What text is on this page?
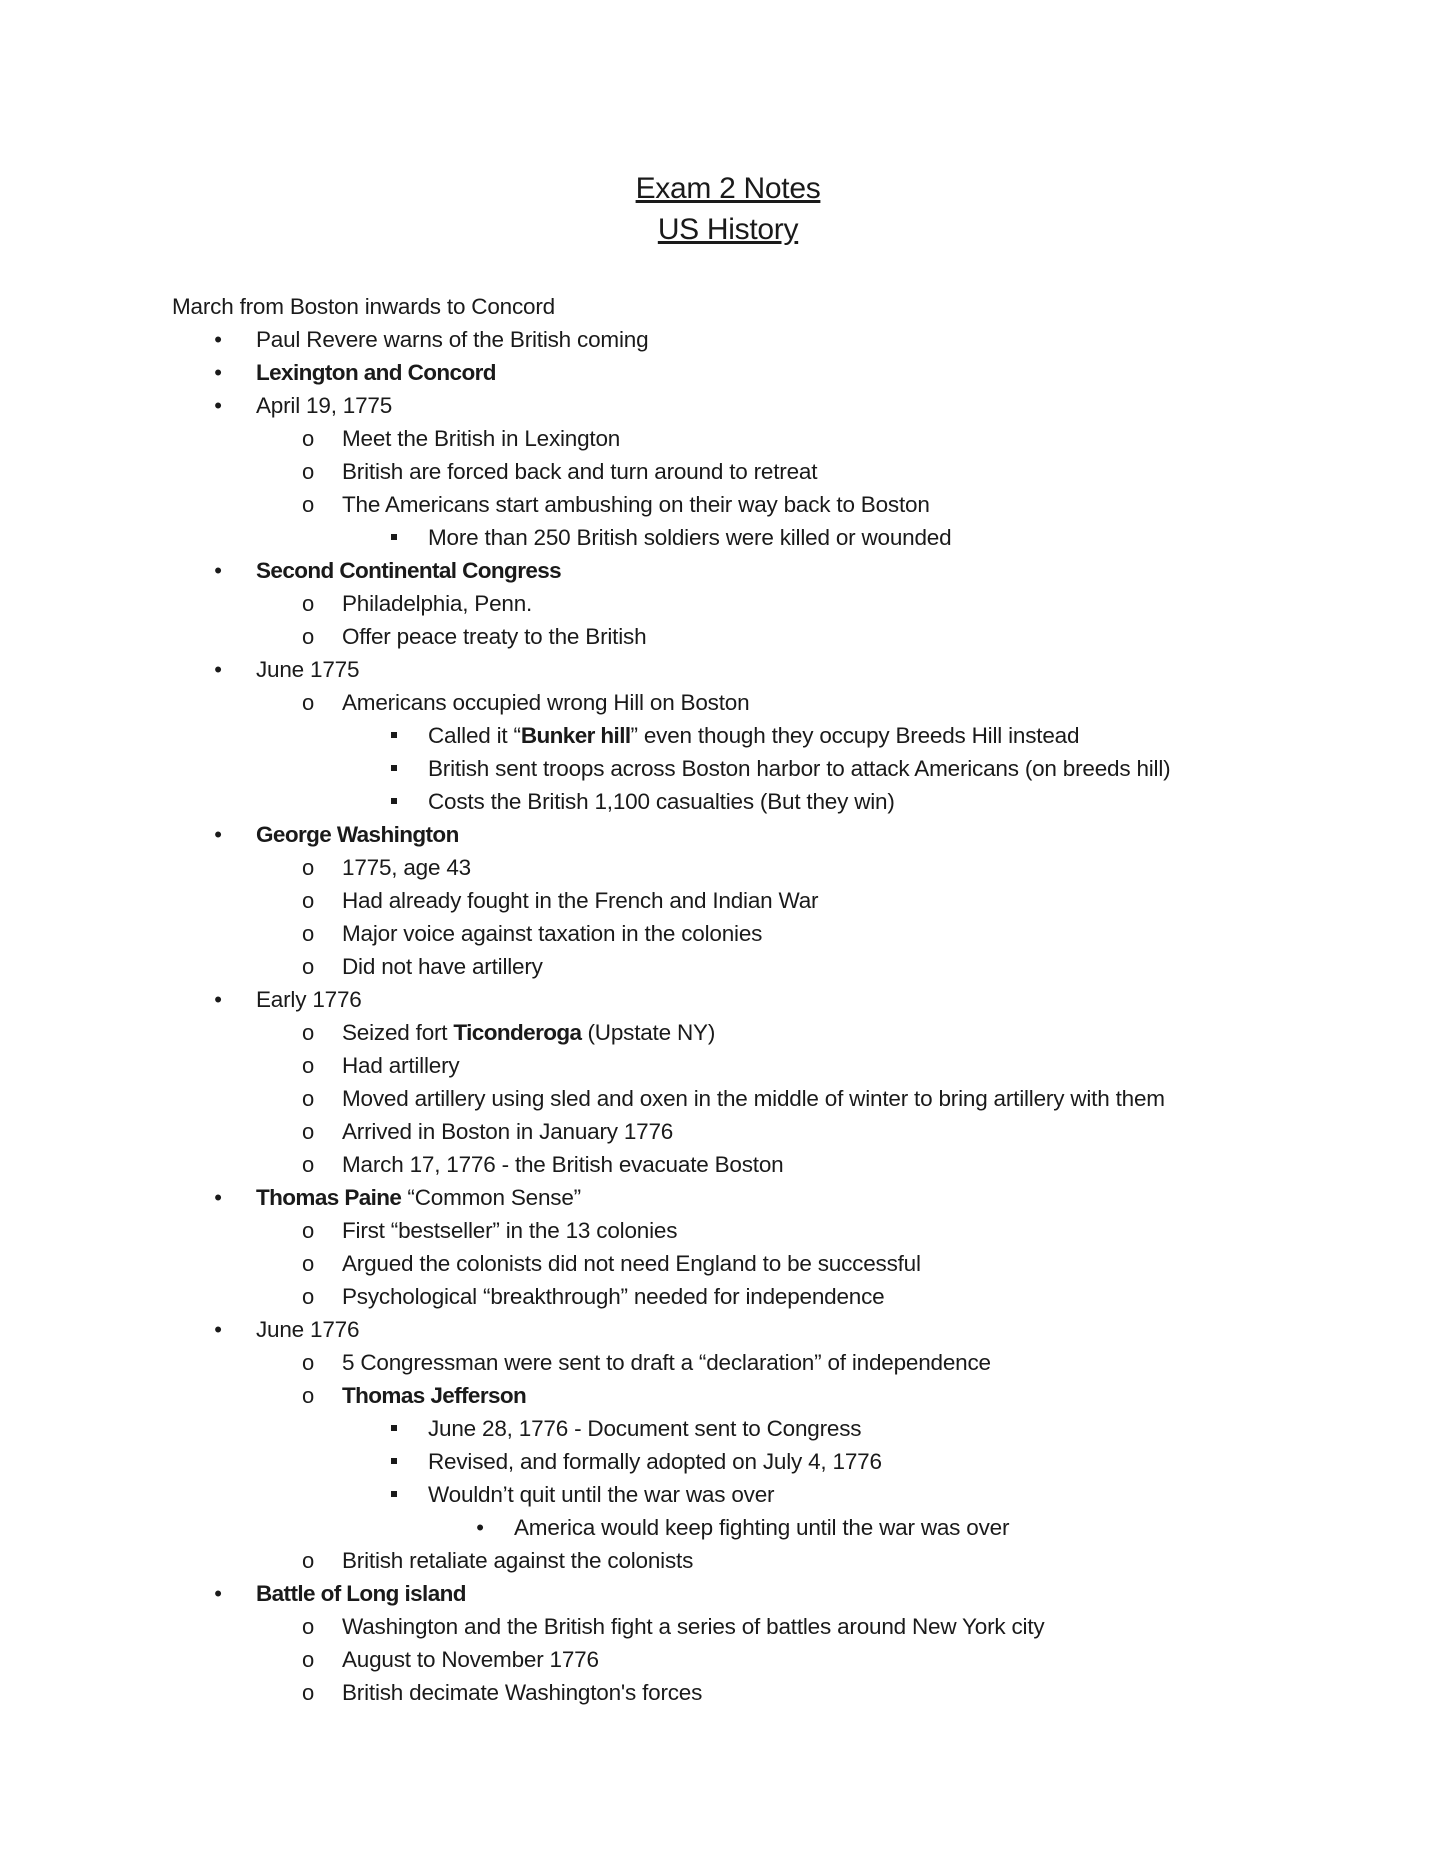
Exam 2 Notes
US History
March from Boston inwards to Concord
•
Paul Revere warns of the British coming
•
Lexington and Concord
•
April 19, 1775
o
Meet the British in Lexington
o
British are forced back and turn around to retreat
o
The Americans start ambushing on their way back to Boston
More than 250 British soldiers were killed or wounded
•
Second Continental Congress
o
Philadelphia, Penn.
o
Offer peace treaty to the British
•
June 1775
o
Americans occupied wrong Hill on Boston
Called it “Bunker hill” even though they occupy Breeds Hill instead
British sent troops across Boston harbor to attack Americans (on breeds hill)
Costs the British 1,100 casualties (But they win)
•
George Washington
o
1775, age 43
o
Had already fought in the French and Indian War
o
Major voice against taxation in the colonies
o
Did not have artillery
•
Early 1776
o
Seized fort Ticonderoga (Upstate NY)
o
Had artillery
o
Moved artillery using sled and oxen in the middle of winter to bring artillery with them
o
Arrived in Boston in January 1776
o
March 17, 1776 - the British evacuate Boston
•
Thomas Paine “Common Sense”
o
First “bestseller” in the 13 colonies
o
Argued the colonists did not need England to be successful
o
Psychological “breakthrough” needed for independence
•
June 1776
o
5 Congressman were sent to draft a “declaration” of independence
o
Thomas Jefferson
June 28, 1776 - Document sent to Congress
Revised, and formally adopted on July 4, 1776
Wouldn’t quit until the war was over
•
America would keep fighting until the war was over
o
British retaliate against the colonists
•
Battle of Long island
o
Washington and the British fight a series of battles around New York city
o
August to November 1776
o
British decimate Washington's forces
